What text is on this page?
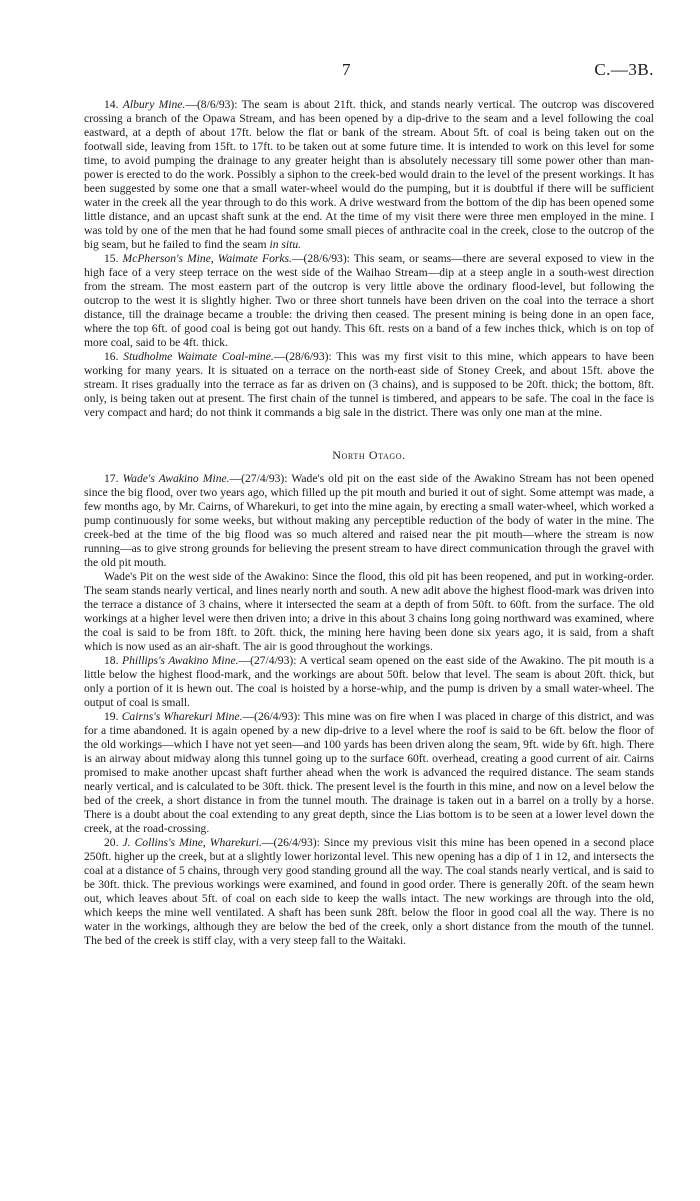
7	C.—3B.

14. Albury Mine.—(8/6/93): The seam is about 21ft. thick, and stands nearly vertical. The outcrop was discovered crossing a branch of the Opawa Stream, and has been opened by a dip-drive to the seam and a level following the coal eastward, at a depth of about 17ft. below the flat or bank of the stream. About 5ft. of coal is being taken out on the footwall side, leaving from 15ft. to 17ft. to be taken out at some future time. It is intended to work on this level for some time, to avoid pumping the drainage to any greater height than is absolutely necessary till some power other than man-power is erected to do the work. Possibly a siphon to the creek-bed would drain to the level of the present workings. It has been suggested by some one that a small water-wheel would do the pumping, but it is doubtful if there will be sufficient water in the creek all the year through to do this work. A drive westward from the bottom of the dip has been opened some little distance, and an upcast shaft sunk at the end. At the time of my visit there were three men employed in the mine. I was told by one of the men that he had found some small pieces of anthracite coal in the creek, close to the outcrop of the big seam, but he failed to find the seam in situ.

15. McPherson's Mine, Waimate Forks.—(28/6/93): This seam, or seams—there are several exposed to view in the high face of a very steep terrace on the west side of the Waihao Stream—dip at a steep angle in a south-west direction from the stream. The most eastern part of the outcrop is very little above the ordinary flood-level, but following the outcrop to the west it is slightly higher. Two or three short tunnels have been driven on the coal into the terrace a short distance, till the drainage became a trouble: the driving then ceased. The present mining is being done in an open face, where the top 6ft. of good coal is being got out handy. This 6ft. rests on a band of a few inches thick, which is on top of more coal, said to be 4ft. thick.

16. Studholme Waimate Coal-mine.—(28/6/93): This was my first visit to this mine, which appears to have been working for many years. It is situated on a terrace on the north-east side of Stoney Creek, and about 15ft. above the stream. It rises gradually into the terrace as far as driven on (3 chains), and is supposed to be 20ft. thick; the bottom, 8ft. only, is being taken out at present. The first chain of the tunnel is timbered, and appears to be safe. The coal in the face is very compact and hard; do not think it commands a big sale in the district. There was only one man at the mine.

North Otago.

17. Wade's Awakino Mine.—(27/4/93): Wade's old pit on the east side of the Awakino Stream has not been opened since the big flood, over two years ago, which filled up the pit mouth and buried it out of sight. Some attempt was made, a few months ago, by Mr. Cairns, of Wharekuri, to get into the mine again, by erecting a small water-wheel, which worked a pump continuously for some weeks, but without making any perceptible reduction of the body of water in the mine. The creek-bed at the time of the big flood was so much altered and raised near the pit mouth—where the stream is now running—as to give strong grounds for believing the present stream to have direct communication through the gravel with the old pit mouth.

Wade's Pit on the west side of the Awakino: Since the flood, this old pit has been reopened, and put in working-order. The seam stands nearly vertical, and lines nearly north and south. A new adit above the highest flood-mark was driven into the terrace a distance of 3 chains, where it intersected the seam at a depth of from 50ft. to 60ft. from the surface. The old workings at a higher level were then driven into; a drive in this about 3 chains long going northward was examined, where the coal is said to be from 18ft. to 20ft. thick, the mining here having been done six years ago, it is said, from a shaft which is now used as an air-shaft. The air is good throughout the workings.

18. Phillips's Awakino Mine.—(27/4/93): A vertical seam opened on the east side of the Awakino. The pit mouth is a little below the highest flood-mark, and the workings are about 50ft. below that level. The seam is about 20ft. thick, but only a portion of it is hewn out. The coal is hoisted by a horse-whip, and the pump is driven by a small water-wheel. The output of coal is small.

19. Cairns's Wharekuri Mine.—(26/4/93): This mine was on fire when I was placed in charge of this district, and was for a time abandoned. It is again opened by a new dip-drive to a level where the roof is said to be 6ft. below the floor of the old workings—which I have not yet seen—and 100 yards has been driven along the seam, 9ft. wide by 6ft. high. There is an airway about midway along this tunnel going up to the surface 60ft. overhead, creating a good current of air. Cairns promised to make another upcast shaft further ahead when the work is advanced the required distance. The seam stands nearly vertical, and is calculated to be 30ft. thick. The present level is the fourth in this mine, and now on a level below the bed of the creek, a short distance in from the tunnel mouth. The drainage is taken out in a barrel on a trolly by a horse. There is a doubt about the coal extending to any great depth, since the Lias bottom is to be seen at a lower level down the creek, at the road-crossing.

20. J. Collins's Mine, Wharekuri.—(26/4/93): Since my previous visit this mine has been opened in a second place 250ft. higher up the creek, but at a slightly lower horizontal level. This new opening has a dip of 1 in 12, and intersects the coal at a distance of 5 chains, through very good standing ground all the way. The coal stands nearly vertical, and is said to be 30ft. thick. The previous workings were examined, and found in good order. There is generally 20ft. of the seam hewn out, which leaves about 5ft. of coal on each side to keep the walls intact. The new workings are through into the old, which keeps the mine well ventilated. A shaft has been sunk 28ft. below the floor in good coal all the way. There is no water in the workings, although they are below the bed of the creek, only a short distance from the mouth of the tunnel. The bed of the creek is stiff clay, with a very steep fall to the Waitaki.
